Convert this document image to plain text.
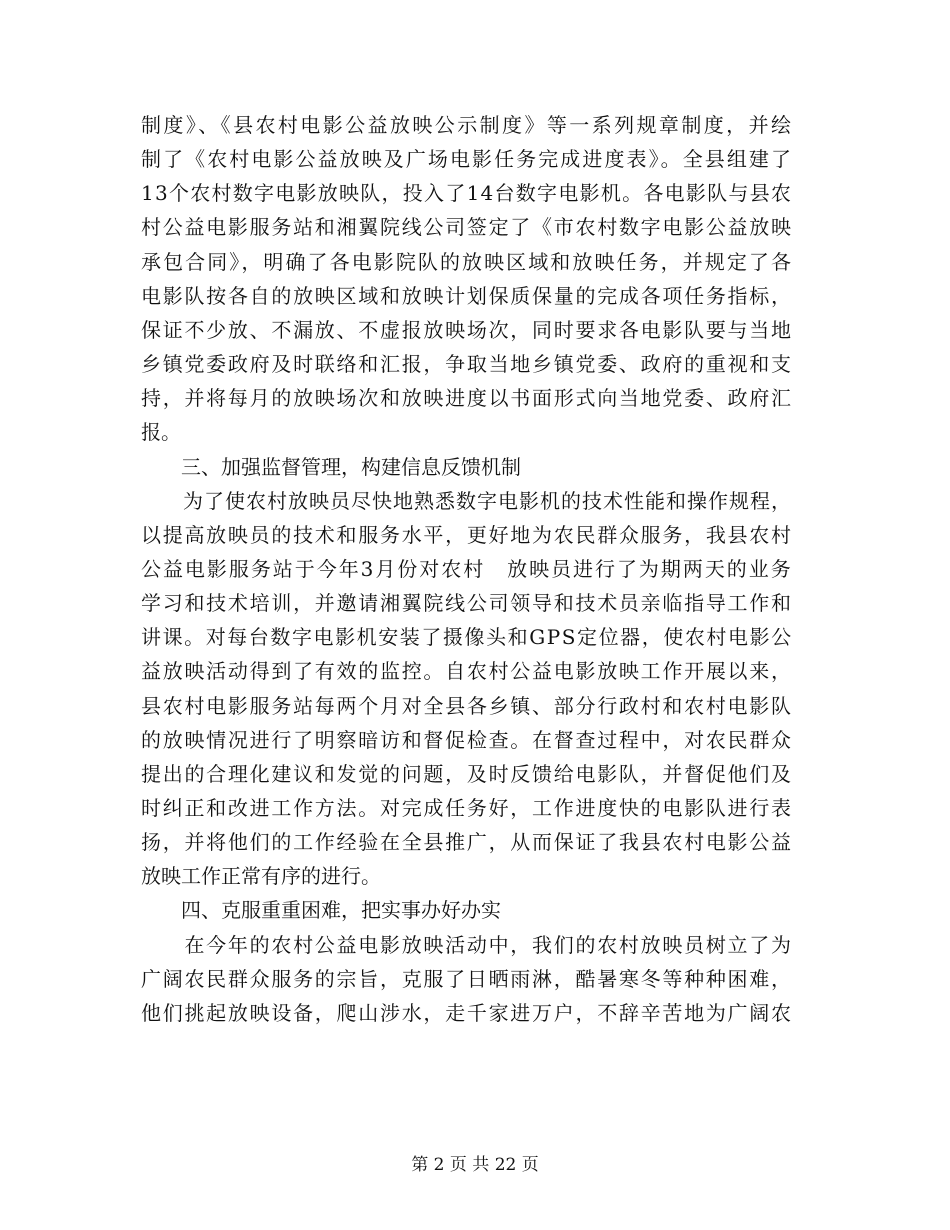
制度》、《县农村电影公益放映公示制度》等一系列规章制度，并绘
制了《农村电影公益放映及广场电影任务完成进度表》。全县组建了
13个农村数字电影放映队，投入了14台数字电影机。各电影队与县农
村公益电影服务站和湘翼院线公司签定了《市农村数字电影公益放映
承包合同》，明确了各电影院队的放映区域和放映任务，并规定了各
电影队按各自的放映区域和放映计划保质保量的完成各项任务指标，
保证不少放、不漏放、不虚报放映场次，同时要求各电影队要与当地
乡镇党委政府及时联络和汇报，争取当地乡镇党委、政府的重视和支
持，并将每月的放映场次和放映进度以书面形式向当地党委、政府汇
报。
　　三、加强监督管理，构建信息反馈机制
　　为了使农村放映员尽快地熟悉数字电影机的技术性能和操作规程，
以提高放映员的技术和服务水平，更好地为农民群众服务，我县农村
公益电影服务站于今年3月份对农村　放映员进行了为期两天的业务
学习和技术培训，并邀请湘翼院线公司领导和技术员亲临指导工作和
讲课。对每台数字电影机安装了摄像头和GPS定位器，使农村电影公
益放映活动得到了有效的监控。自农村公益电影放映工作开展以来，
县农村电影服务站每两个月对全县各乡镇、部分行政村和农村电影队
的放映情况进行了明察暗访和督促检查。在督查过程中，对农民群众
提出的合理化建议和发觉的问题，及时反馈给电影队，并督促他们及
时纠正和改进工作方法。对完成任务好，工作进度快的电影队进行表
扬，并将他们的工作经验在全县推广，从而保证了我县农村电影公益
放映工作正常有序的进行。
　　四、克服重重困难，把实事办好办实
　　在今年的农村公益电影放映活动中，我们的农村放映员树立了为
广阔农民群众服务的宗旨，克服了日晒雨淋，酷暑寒冬等种种困难，
他们挑起放映设备，爬山涉水，走千家进万户，不辞辛苦地为广阔农
第 2 页 共 22 页
